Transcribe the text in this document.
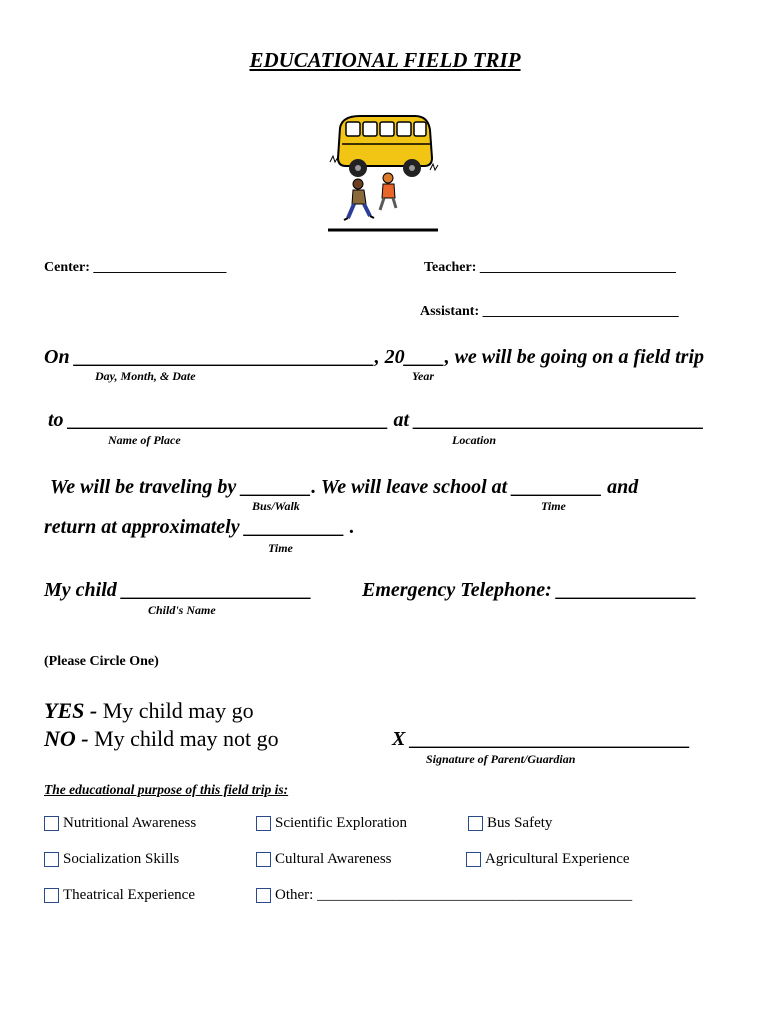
EDUCATIONAL FIELD TRIP
Center: ___________________	Teacher: ____________________________
Assistant: ____________________________
On ______________________________, 20____, we will be going on a field trip
Day, Month, & Date	Year
to ________________________________ at _____________________________
Name of Place	Location
We will be traveling by _______. We will leave school at _________ and
Bus/Walk	Time
return at approximately __________ .
Time
My child ___________________
Child's Name
Emergency Telephone: ______________
(Please Circle One)
YES - My child may go
NO - My child may not go	X ____________________________
Signature of Parent/Guardian
The educational purpose of this field trip is:
Nutritional Awareness	Scientific Exploration	Bus Safety
Socialization Skills	Cultural Awareness	Agricultural Experience
Theatrical Experience	Other: __________________________________________
